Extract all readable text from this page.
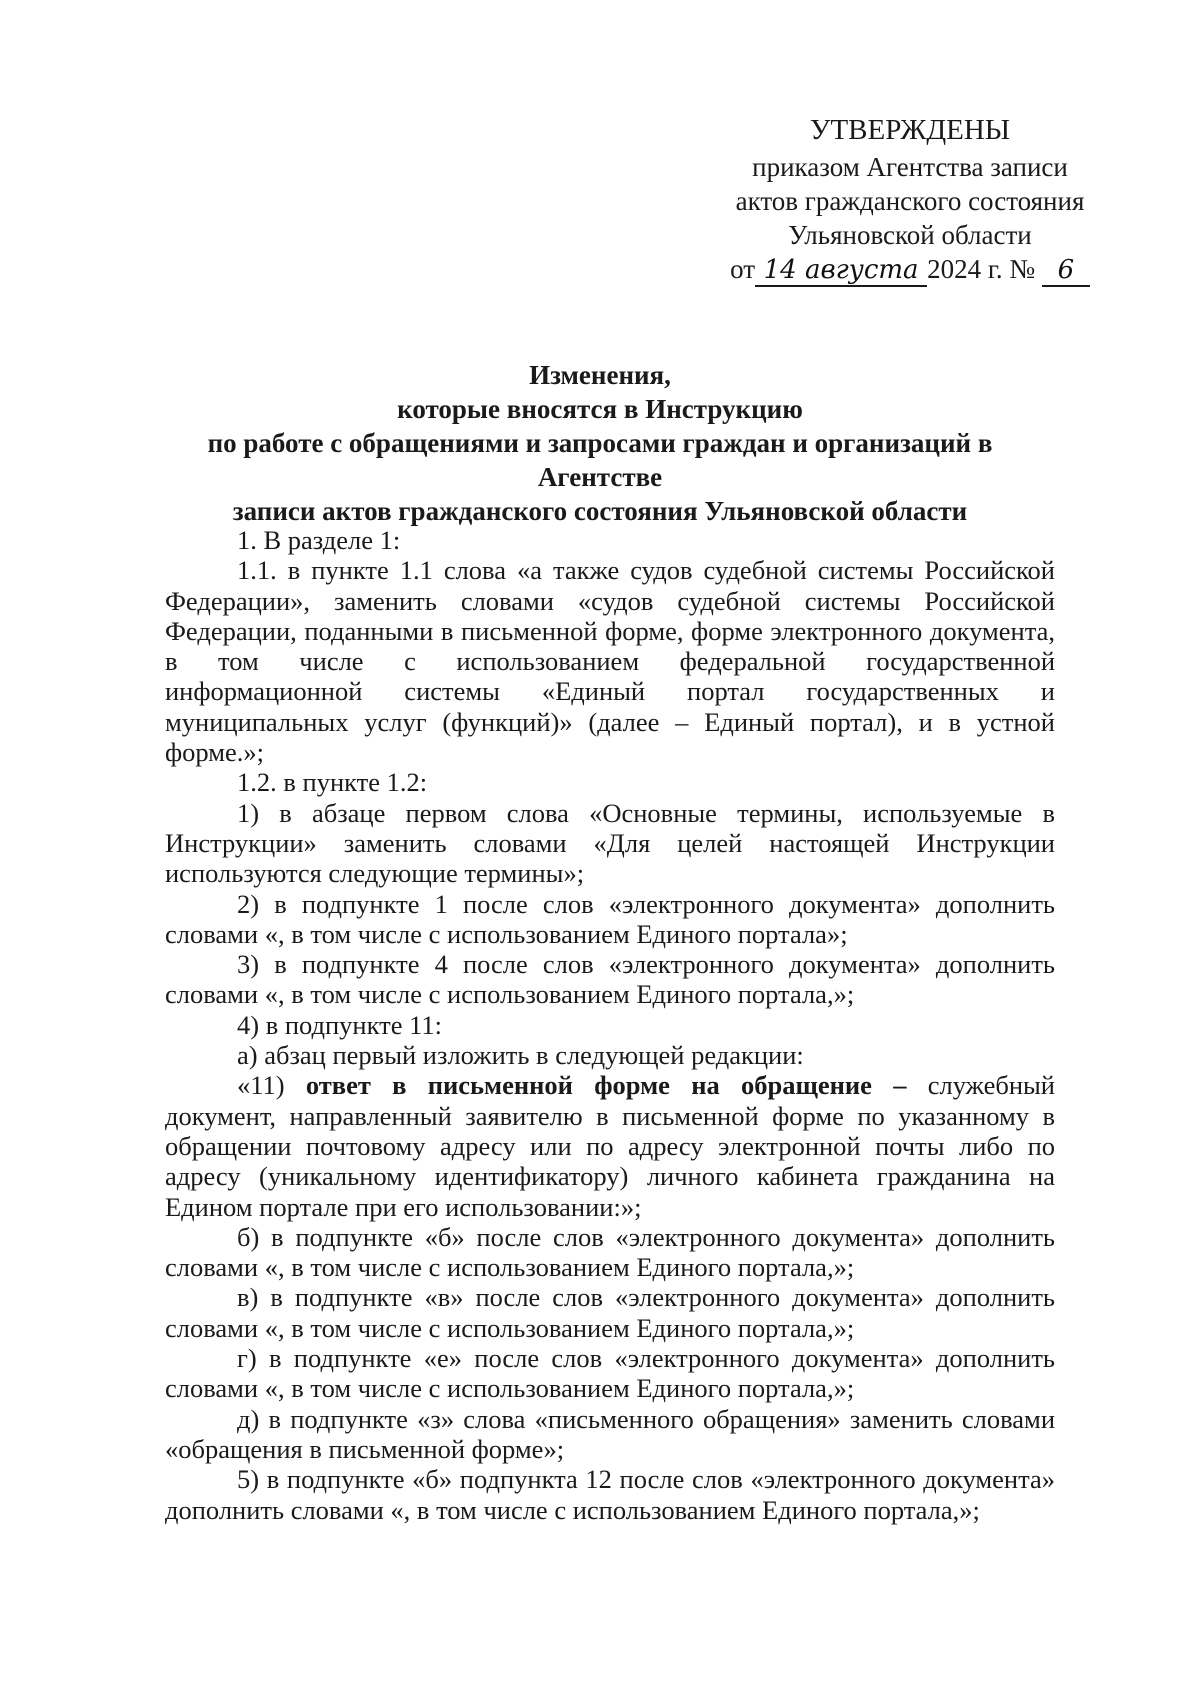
УТВЕРЖДЕНЫ
приказом Агентства записи
актов гражданского состояния
Ульяновской области
от 14 августа 2024 г. № 6
Изменения,
которые вносятся в Инструкцию
по работе с обращениями и запросами граждан и организаций в Агентстве
записи актов гражданского состояния Ульяновской области

1. В разделе 1:

1.1. в пункте 1.1 слова «а также судов судебной системы Российской Федерации», заменить словами «судов судебной системы Российской Федерации, поданными в письменной форме, форме электронного документа, в том числе с использованием федеральной государственной информационной системы «Единый портал государственных и муниципальных услуг (функций)» (далее – Единый портал), и в устной форме.»;

1.2. в пункте 1.2:

1) в абзаце первом слова «Основные термины, используемые в Инструкции» заменить словами «Для целей настоящей Инструкции используются следующие термины»;

2) в подпункте 1 после слов «электронного документа» дополнить словами «, в том числе с использованием Единого портала»;

3) в подпункте 4 после слов «электронного документа» дополнить словами «, в том числе с использованием Единого портала,»;

4) в подпункте 11:

а) абзац первый изложить в следующей редакции:

«11) ответ в письменной форме на обращение – служебный документ, направленный заявителю в письменной форме по указанному в обращении почтовому адресу или по адресу электронной почты либо по адресу (уникальному идентификатору) личного кабинета гражданина на Едином портале при его использовании:»;

б) в подпункте «б» после слов «электронного документа» дополнить словами «, в том числе с использованием Единого портала,»;

в) в подпункте «в» после слов «электронного документа» дополнить словами «, в том числе с использованием Единого портала,»;

г) в подпункте «е» после слов «электронного документа» дополнить словами «, в том числе с использованием Единого портала,»;

д) в подпункте «з» слова «письменного обращения» заменить словами «обращения в письменной форме»;

5) в подпункте «б» подпункта 12 после слов «электронного документа» дополнить словами «, в том числе с использованием Единого портала,»;
